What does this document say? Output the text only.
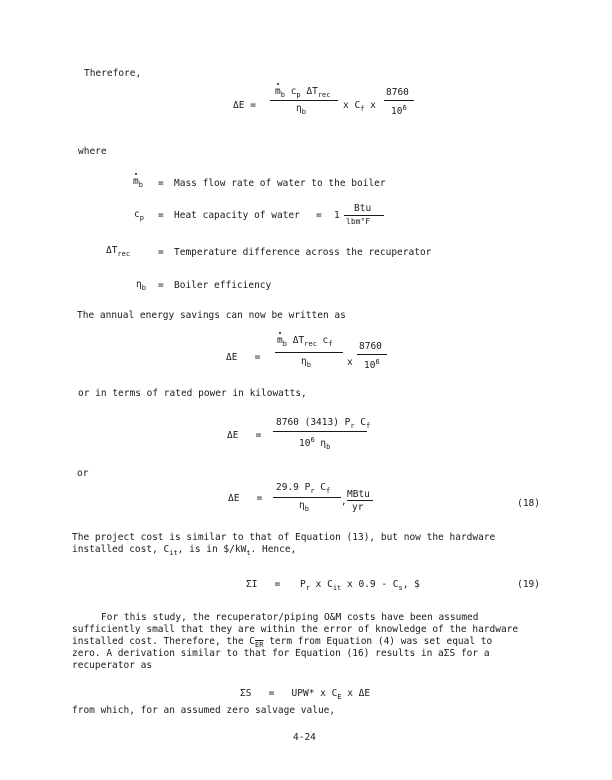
Therefore,
ΔE =
$m_b$ $c_p$ $\Delta T_{rec}$
$\eta_b$
x $C_f$ x
8760
$10^6$
where
$m_b$ = Mass flow rate of water to the boiler
$c_p$ = Heat capacity of water = 1
Btu
lbm°F
$\Delta T_{rec}$	= Temperature difference across the recuperator
$\eta_b$ = Boiler efficiency
The annual energy savings can now be written as
ΔE =
$m_b$ $\Delta T_{rec}$ $c_f$
$\eta_b$	x
8760
$10^6$
or in terms of rated power in kilowatts,
ΔE =
8760 (3413) $P_r$ $C_f$
$10^6$ $\eta_b$
or
ΔE =
29.9 $P_r$ $C_f$
$\eta_b$
,
MBtu
yr	(18)
The project cost is similar to that of Equation (13), but now the hardware
installed cost, $C_{it}$, is in $\$/kW_t$. Hence,
$\Sigma I = P_r$ x $C_{it}$ x $0.9 - C_s$, $	(19)
For this study, the recuperator/piping O&M costs have been assumed
sufficiently small that they are within the error of knowledge of the hardware
installed cost. Therefore, the $C_{\overline{ER}}$ term from Equation (4) was set equal to
zero. A derivation similar to that for Equation (16) results in aΣS for a
recuperator as
ΣS = UPW* x $C_E$ x ΔE
from which, for an assumed zero salvage value,
4-24
